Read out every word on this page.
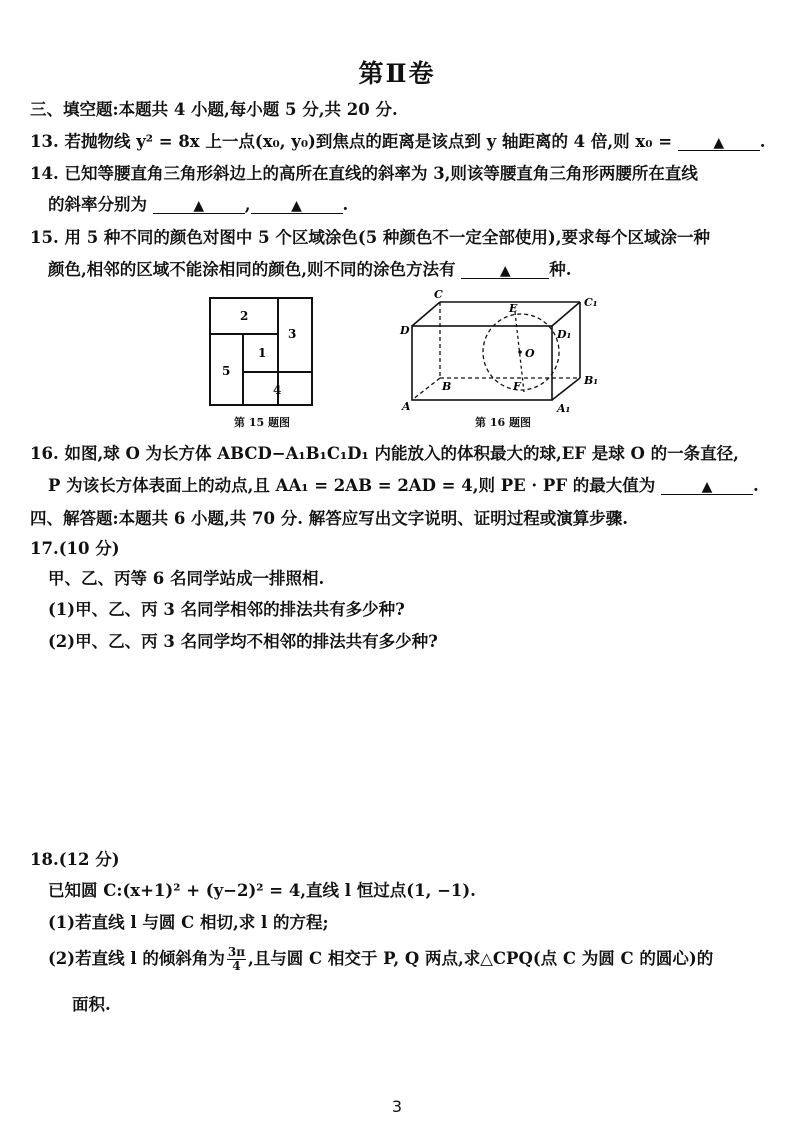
第Ⅱ卷
三、填空题:本题共 4 小题,每小题 5 分,共 20 分.
13. 若抛物线 y² = 8x 上一点(x₀, y₀)到焦点的距离是该点到 y 轴距离的 4 倍,则 x₀ =	▲ .
14. 已知等腰直角三角形斜边上的高所在直线的斜率为 3,则该等腰直角三角形两腰所在直线
的斜率分别为	▲ ,	▲ .
15. 用 5 种不同的颜色对图中 5 个区域涂色(5 种颜色不一定全部使用),要求每个区域涂一种
颜色,相邻的区域不能涂相同的颜色,则不同的涂色方法有	▲ 种.
2
3
1
5
4
第 15 题图
C
C₁
D	D₁
E
O
F
A
B	B₁
A₁
第 16 题图
16. 如图,球 O 为长方体 ABCD−A₁B₁C₁D₁ 内能放入的体积最大的球,EF 是球 O 的一条直径,
P 为该长方体表面上的动点,且 AA₁ = 2AB = 2AD = 4,则 PE · PF 的最大值为	▲ .
四、解答题:本题共 6 小题,共 70 分. 解答应写出文字说明、证明过程或演算步骤.
17.(10 分)
甲、乙、丙等 6 名同学站成一排照相.
(1)甲、乙、丙 3 名同学相邻的排法共有多少种?
(2)甲、乙、丙 3 名同学均不相邻的排法共有多少种?
18.(12 分)
已知圆 C:(x+1)² + (y−2)² = 4,直线 l 恒过点(1, −1).
(1)若直线 l 与圆 C 相切,求 l 的方程;
(2)若直线 l 的倾斜角为 $\frac{3\pi}{4}$ ,且与圆 C 相交于 P, Q 两点,求△CPQ(点 C 为圆 C 的圆心)的
面积.
3
